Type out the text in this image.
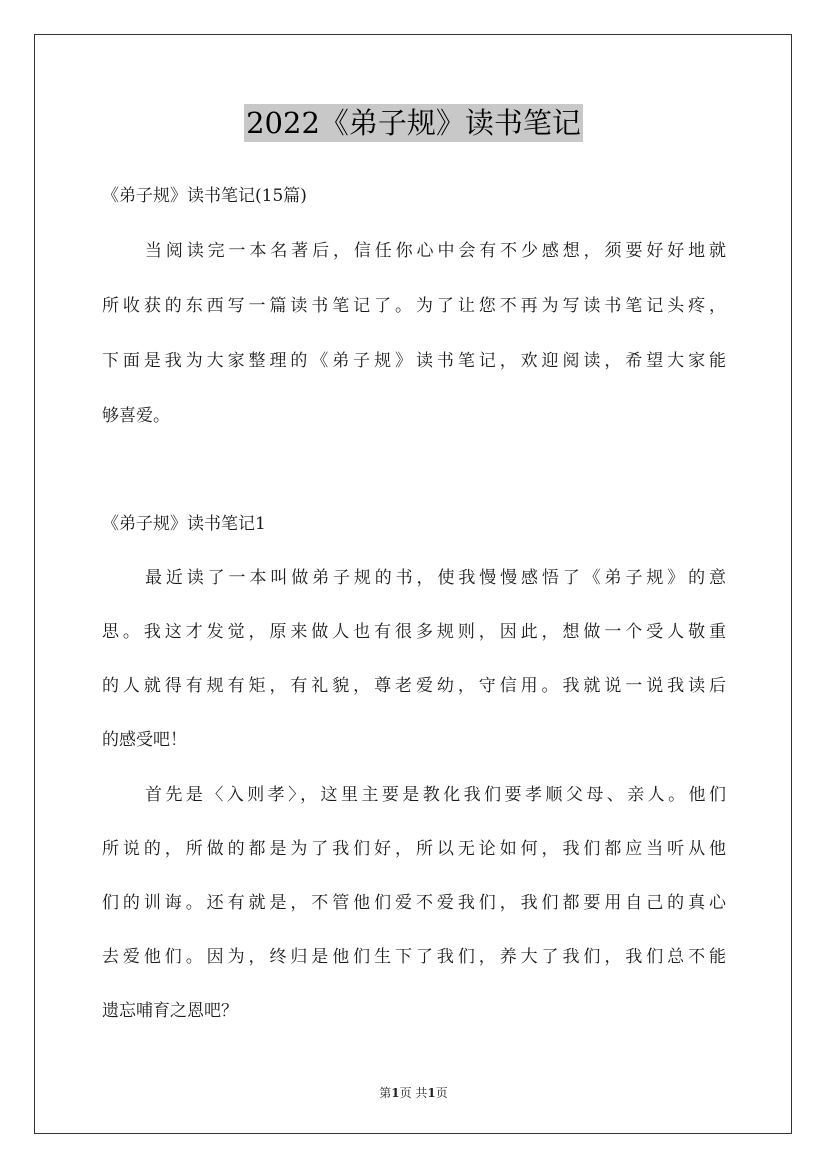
2022《弟子规》读书笔记
《弟子规》读书笔记(15篇)
当阅读完一本名著后，信任你心中会有不少感想，须要好好地就
所收获的东西写一篇读书笔记了。为了让您不再为写读书笔记头疼，
下面是我为大家整理的《弟子规》读书笔记，欢迎阅读，希望大家能
够喜爱。
《弟子规》读书笔记1
最近读了一本叫做弟子规的书，使我慢慢感悟了《弟子规》的意
思。我这才发觉，原来做人也有很多规则，因此，想做一个受人敬重
的人就得有规有矩，有礼貌，尊老爱幼，守信用。我就说一说我读后
的感受吧！
首先是〈入则孝〉，这里主要是教化我们要孝顺父母、亲人。他们
所说的，所做的都是为了我们好，所以无论如何，我们都应当听从他
们的训诲。还有就是，不管他们爱不爱我们，我们都要用自己的真心
去爱他们。因为，终归是他们生下了我们，养大了我们，我们总不能
遗忘哺育之恩吧？
第1页 共1页
